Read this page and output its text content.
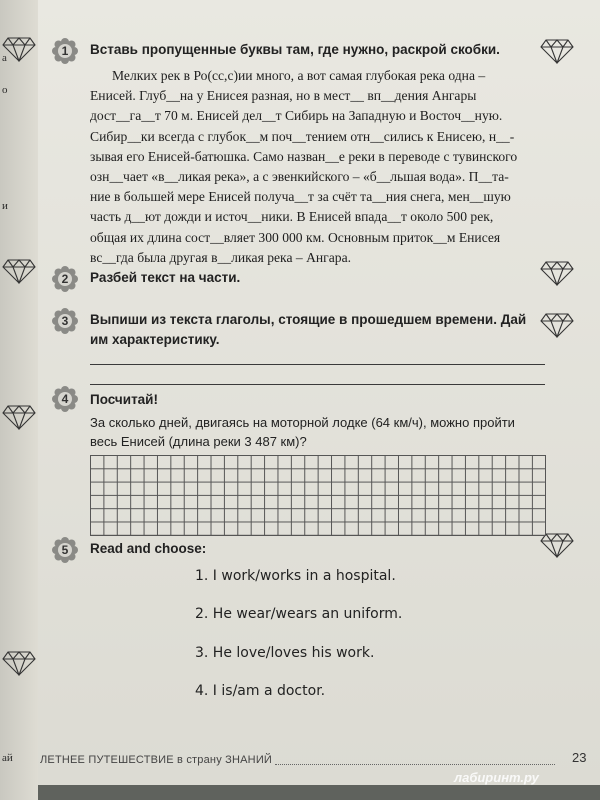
а
о
и
ай
1	Вставь пропущенные буквы там, где нужно, раскрой скобки.

Мелких рек в Ро(сс,с)ии много, а вот самая глубокая река одна –

Енисей. Глуб__на у Енисея разная, но в мест__ вп__дения Ангары
дост__га__т 70 м. Енисей дел__т Сибирь на Западную и Восточ__ную.
Сибир__ки всегда с глубок__м поч__тением отн__сились к Енисею, н__-
зывая его Енисей-батюшка. Само назван__е реки в переводе с тувинского
озн__чает «в__ликая река», а с эвенкийского – «б__льшая вода». П__та-
ние в большей мере Енисей получа__т за счёт та__ния снега, мен__шую
часть д__ют дожди и источ__ники. В Енисей впада__т около 500 рек,
общая их длина сост__вляет 300 000 км. Основным приток__м Енисея
вс__гда была другая в__ликая река – Ангара.
2	Разбей текст на части.
3	Выпиши из текста глаголы, стоящие в прошедшем времени. Дай
им характеристику.
4	Посчитай!
За сколько дней, двигаясь на моторной лодке (64 км/ч), можно пройти
весь Енисей (длина реки 3 487 км)?
5	Read and choose:
1. I work/works in a hospital.
2. He wear/wears an uniform.
3. He love/loves his work.
4. I is/am a doctor.
ЛЕТНЕЕ ПУТЕШЕСТВИЕ в страну ЗНАНИЙ	23
лабиринт.ру
